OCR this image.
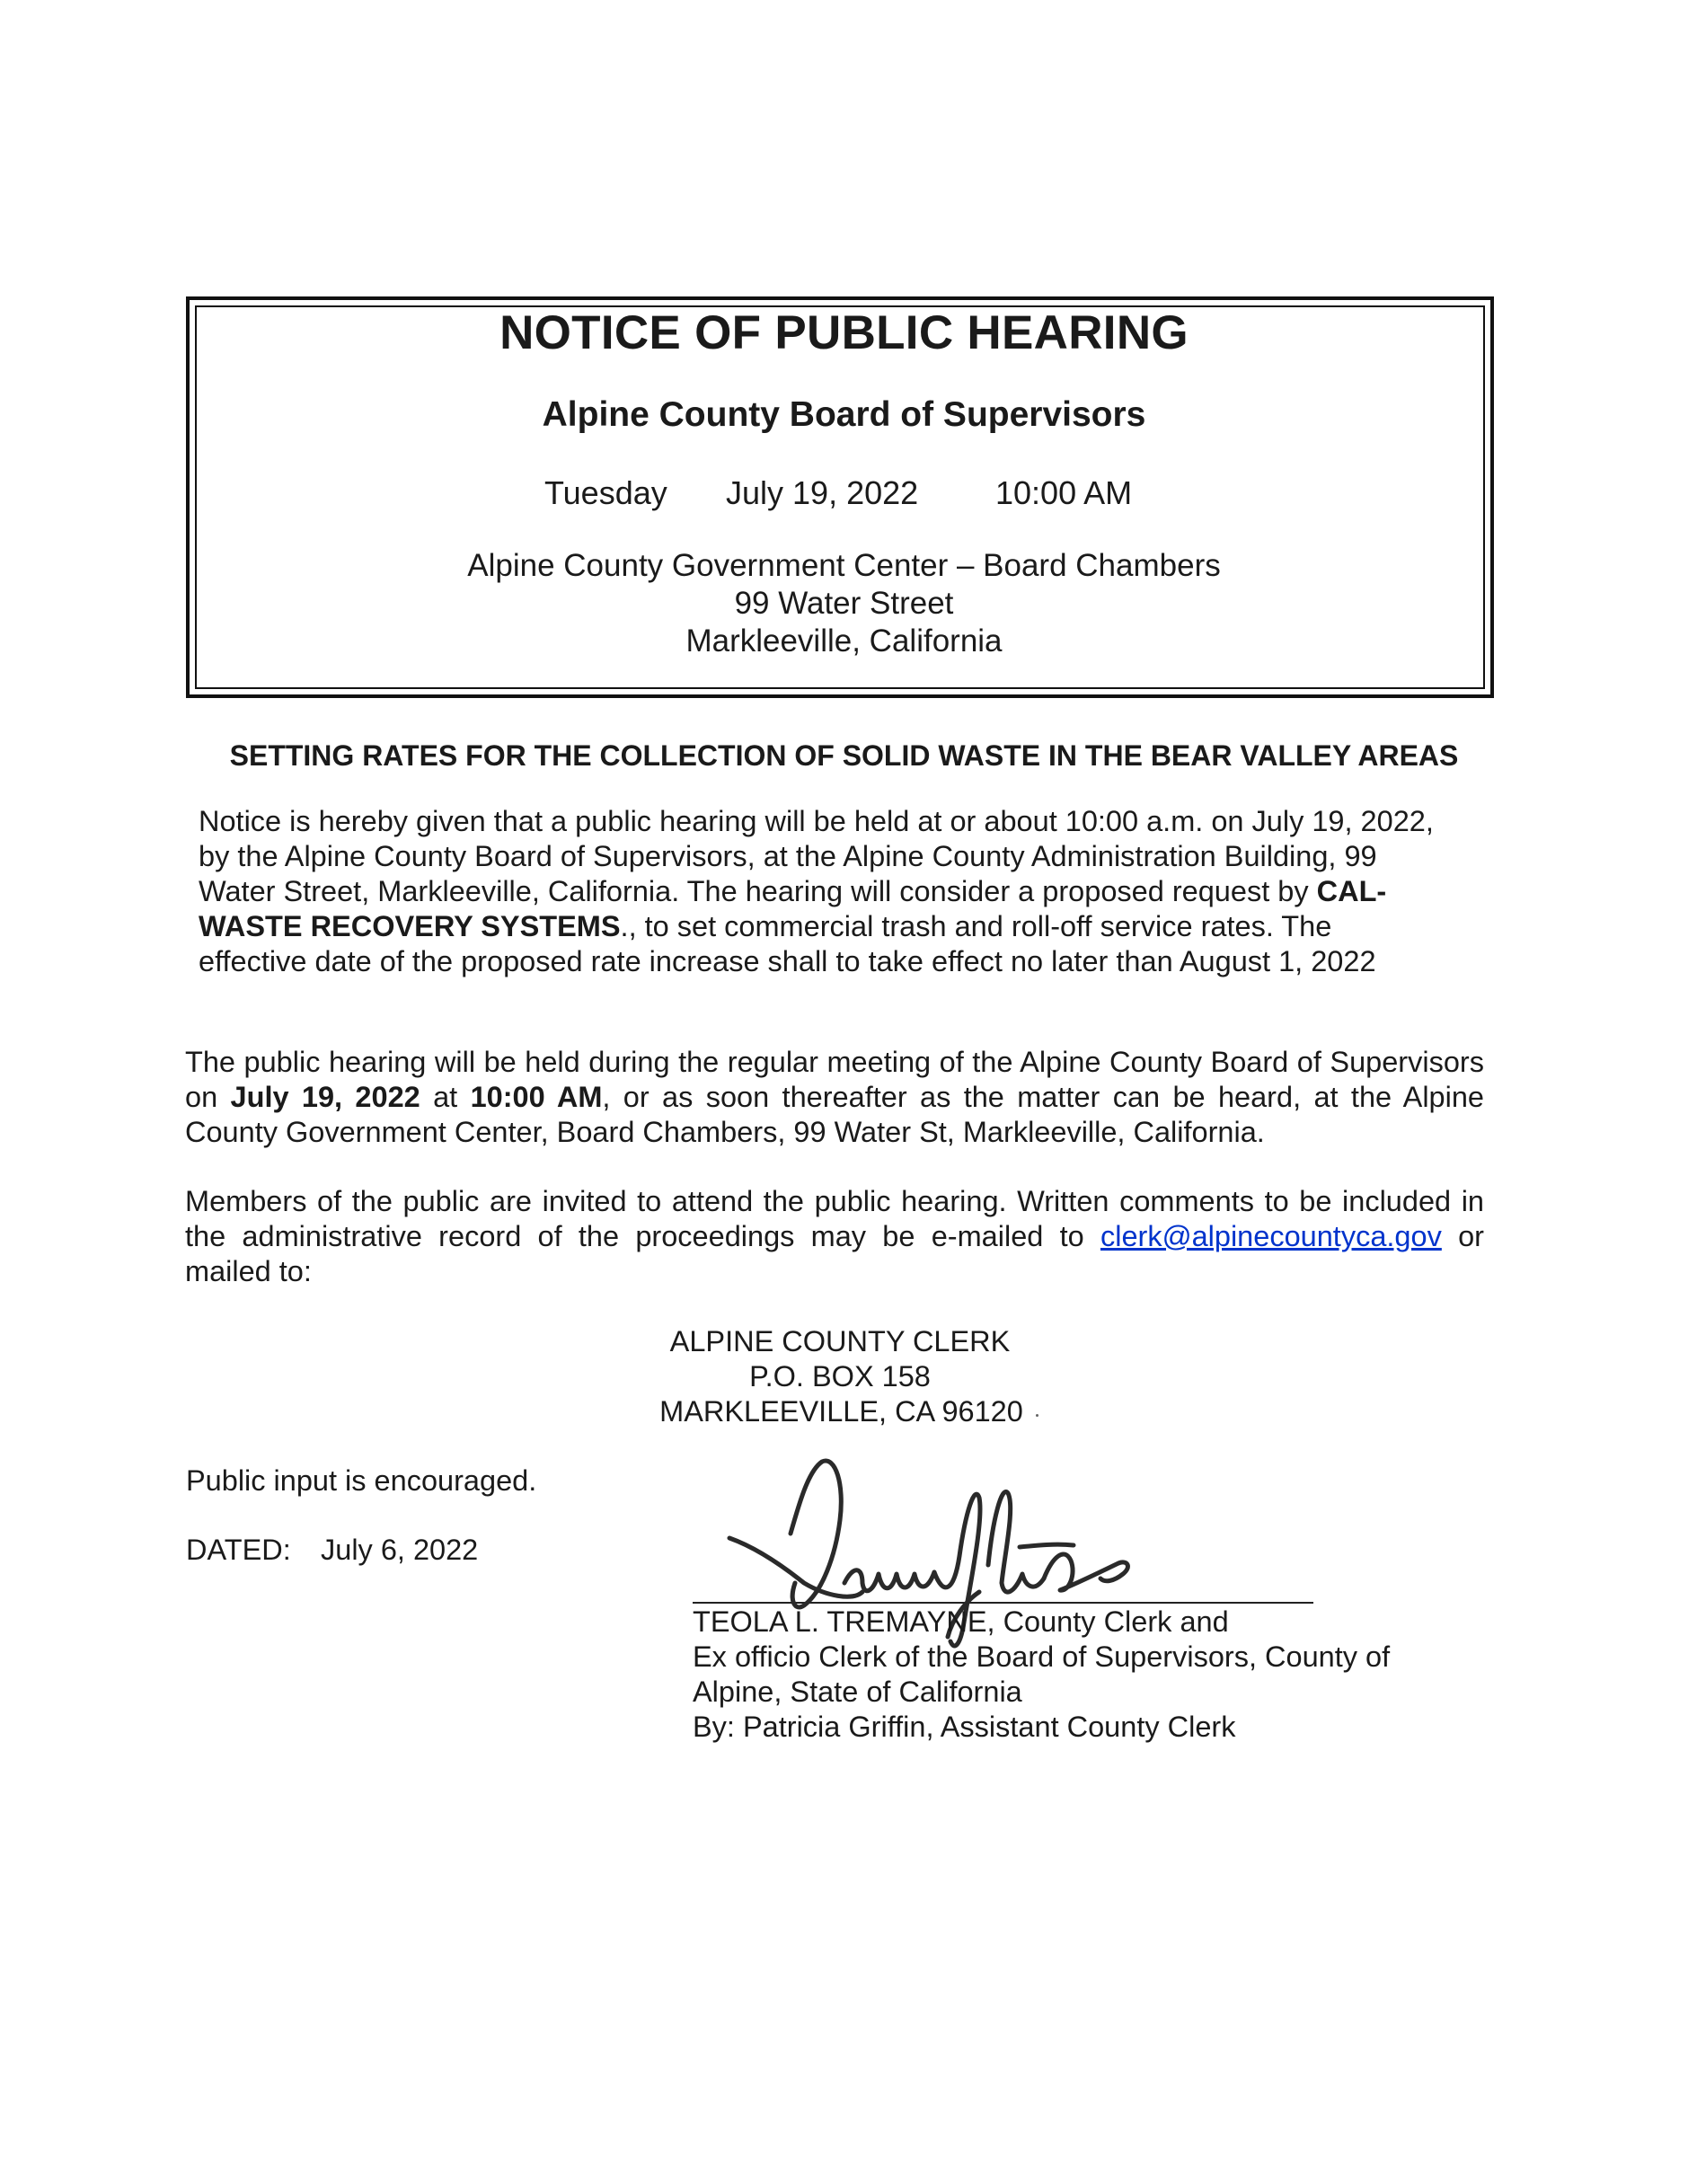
NOTICE OF PUBLIC HEARING
Alpine County Board of Supervisors
Tuesday July 19, 2022 10:00 AM
Alpine County Government Center – Board Chambers
99 Water Street
Markleeville, California
SETTING RATES FOR THE COLLECTION OF SOLID WASTE IN THE BEAR VALLEY AREAS
Notice is hereby given that a public hearing will be held at or about 10:00 a.m. on July 19, 2022,
by the Alpine County Board of Supervisors, at the Alpine County Administration Building, 99
Water Street, Markleeville, California. The hearing will consider a proposed request by CAL-
WASTE RECOVERY SYSTEMS., to set commercial trash and roll-off service rates. The
effective date of the proposed rate increase shall to take effect no later than August 1, 2022
The public hearing will be held during the regular meeting of the Alpine County Board of Supervisors on July 19, 2022 at 10:00 AM, or as soon thereafter as the matter can be heard, at the Alpine County Government Center, Board Chambers, 99 Water St, Markleeville, California.
Members of the public are invited to attend the public hearing. Written comments to be included in the administrative record of the proceedings may be e-mailed to clerk@alpinecountyca.gov or mailed to:
ALPINE COUNTY CLERK
P.O. BOX 158
MARKLEEVILLE, CA 96120
Public input is encouraged.
DATED: July 6, 2022
TEOLA L. TREMAYNE, County Clerk and
Ex officio Clerk of the Board of Supervisors, County of
Alpine, State of California
By: Patricia Griffin, Assistant County Clerk
